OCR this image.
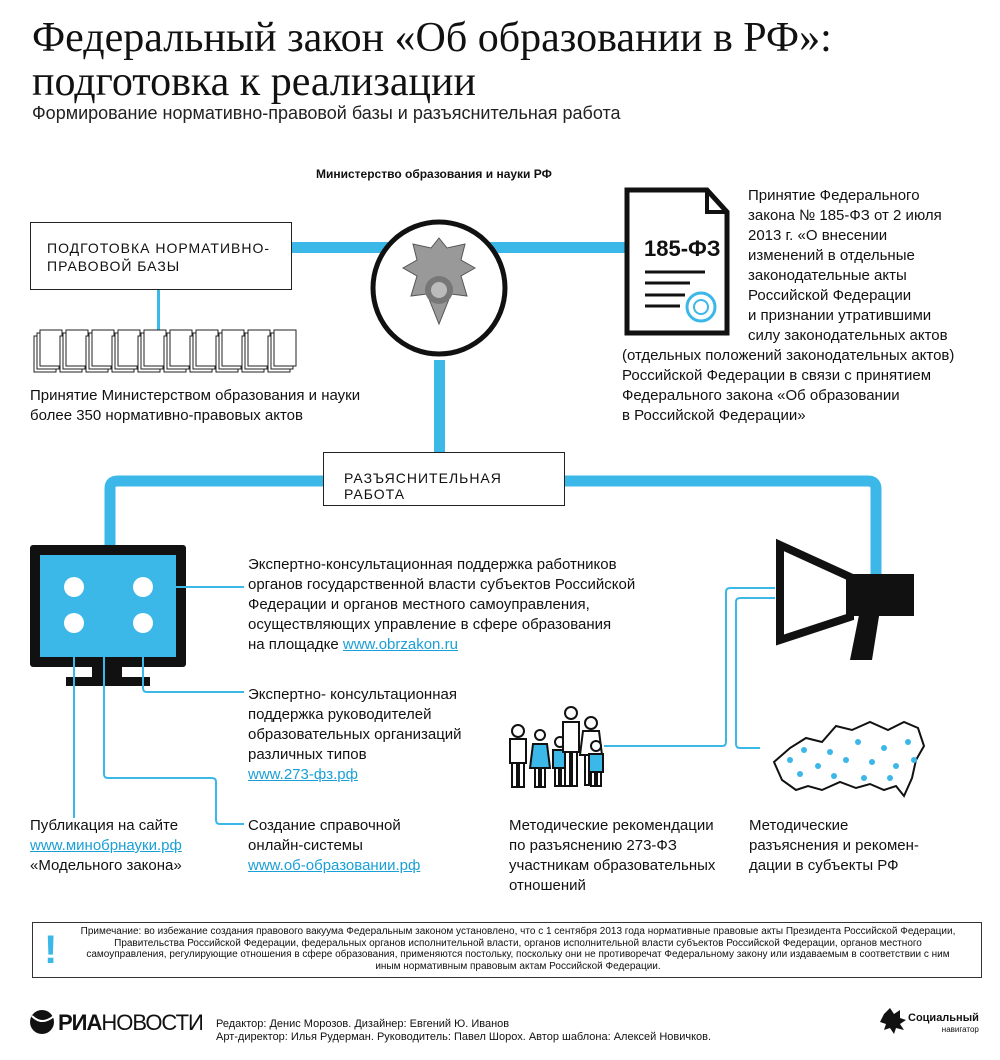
Федеральный закон «Об образовании в РФ»: подготовка к реализации
Формирование нормативно-правовой базы и разъяснительная работа
Министерство образования и науки РФ
ПОДГОТОВКА НОРМАТИВНО-
ПРАВОВОЙ БАЗЫ
Принятие Министерством образования и науки
более 350 нормативно-правовых актов
185-ФЗ
Принятие Федерального
закона № 185-ФЗ от 2 июля
2013 г. «О внесении
изменений в отдельные
законодательные акты
Российской Федерации
и признании утратившими
силу законодательных актов
(отдельных положений законодательных актов)
Российской Федерации в связи с принятием
Федерального закона «Об образовании
в Российской Федерации»
РАЗЪЯСНИТЕЛЬНАЯ РАБОТА
Экспертно-консультационная поддержка работников
органов государственной власти субъектов Российской
Федерации и органов местного самоуправления,
осуществляющих управление в сфере образования
на площадке www.obrzakon.ru
Экспертно- консультационная
поддержка руководителей
образовательных организаций
различных типов
www.273-фз.рф
Публикация на сайте
www.минобрнауки.рф
«Модельного закона»
Создание справочной
онлайн-системы
www.об-образовании.рф
Методические рекомендации
по разъяснению 273-ФЗ
участникам образовательных
отношений
Методические
разъяснения и рекомен-
дации в субъекты РФ
! Примечание: во избежание создания правового вакуума Федеральным законом установлено, что с 1 сентября 2013 года нормативные правовые акты Президента Российской Федерации, Правительства Российской Федерации, федеральных органов исполнительной власти, органов исполнительной власти субъектов Российской Федерации, органов местного самоуправления, регулирующие отношения в сфере образования, применяются постольку, поскольку они не противоречат Федеральному закону или издаваемым в соответствии с ним иным нормативным правовым актам Российской Федерации.
РИАНОВОСТИ Редактор: Денис Морозов. Дизайнер: Евгений Ю. Иванов
Арт-директор: Илья Рудерман. Руководитель: Павел Шорох. Автор шаблона: Алексей Новичков.
Социальный
навигатор
